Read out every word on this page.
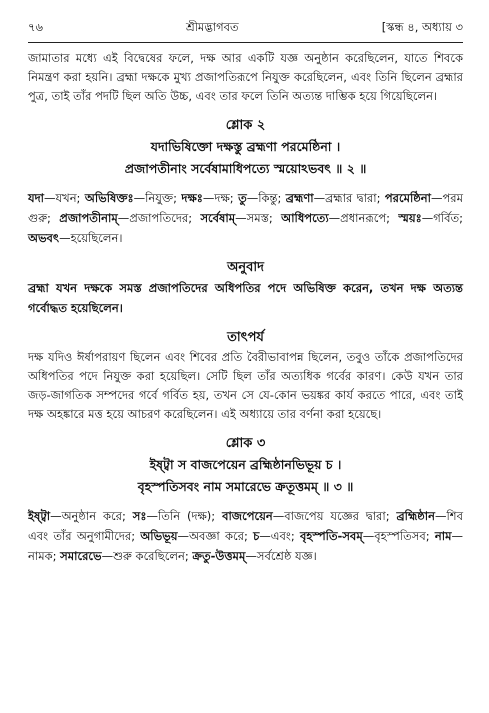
৭৬	শ্রীমদ্ভাগবত	[স্কন্ধ ৪, অধ্যায় ৩

জামাতার মধ্যে এই বিদ্বেষের ফলে, দক্ষ আর একটি যজ্ঞ অনুষ্ঠান করেছিলেন, যাতে শিবকে নিমন্ত্রণ করা হয়নি। ব্রহ্মা দক্ষকে মুখ্য প্রজাপতিরূপে নিযুক্ত করেছিলেন, এবং তিনি ছিলেন ব্রহ্মার পুত্র, তাই তাঁর পদটি ছিল অতি উচ্চ, এবং তার ফলে তিনি অত্যন্ত দাম্ভিক হয়ে গিয়েছিলেন।

শ্লোক ২
যদাভিষিক্তো দক্ষস্তু ব্রহ্মণা পরমেষ্ঠিনা ।
প্রজাপতীনাং সর্বেষামাধিপত্যে স্ময়োঽভবৎ ॥ ২ ॥

যদা—যখন; অভিষিক্তঃ—নিযুক্ত; দক্ষঃ—দক্ষ; তু—কিন্তু; ব্রহ্মণা—ব্রহ্মার দ্বারা; পরমেষ্ঠিনা—পরম গুরু; প্রজাপতীনাম্—প্রজাপতিদের; সর্বেষাম্—সমস্ত; আধিপত্যে—প্রধানরূপে; স্ময়ঃ—গর্বিত; অভবৎ—হয়েছিলেন।

অনুবাদ

ব্রহ্মা যখন দক্ষকে সমস্ত প্রজাপতিদের অধিপতির পদে অভিষিক্ত করেন, তখন দক্ষ অত্যন্ত গর্বোদ্ধত হয়েছিলেন।

তাৎপর্য

দক্ষ যদিও ঈর্ষাপরায়ণ ছিলেন এবং শিবের প্রতি বৈরীভাবাপন্ন ছিলেন, তবুও তাঁকে প্রজাপতিদের অধিপতির পদে নিযুক্ত করা হয়েছিল। সেটি ছিল তাঁর অত্যধিক গর্বের কারণ। কেউ যখন তার জড়-জাগতিক সম্পদের গর্বে গর্বিত হয়, তখন সে যে-কোন ভয়ঙ্কর কার্য করতে পারে, এবং তাই দক্ষ অহঙ্কারে মত্ত হয়ে আচরণ করেছিলেন। এই অধ্যায়ে তার বর্ণনা করা হয়েছে।

শ্লোক ৩
ইষ্ট্বা স বাজপেয়েন ব্রহ্মিষ্ঠানভিভূয় চ ।
বৃহস্পতিসবং নাম সমারেভে ক্রতূত্তমম্ ॥ ৩ ॥

ইষ্ট্বা—অনুষ্ঠান করে; সঃ—তিনি (দক্ষ); বাজপেয়েন—বাজপেয় যজ্ঞের দ্বারা; ব্রহ্মিষ্ঠান—শিব এবং তাঁর অনুগামীদের; অভিভূয়—অবজ্ঞা করে; চ—এবং; বৃহস্পতি-সবম্—বৃহস্পতিসব; নাম—নামক; সমারেভে—শুরু করেছিলেন; ক্রতু-উত্তমম্—সর্বশ্রেষ্ঠ যজ্ঞ।
